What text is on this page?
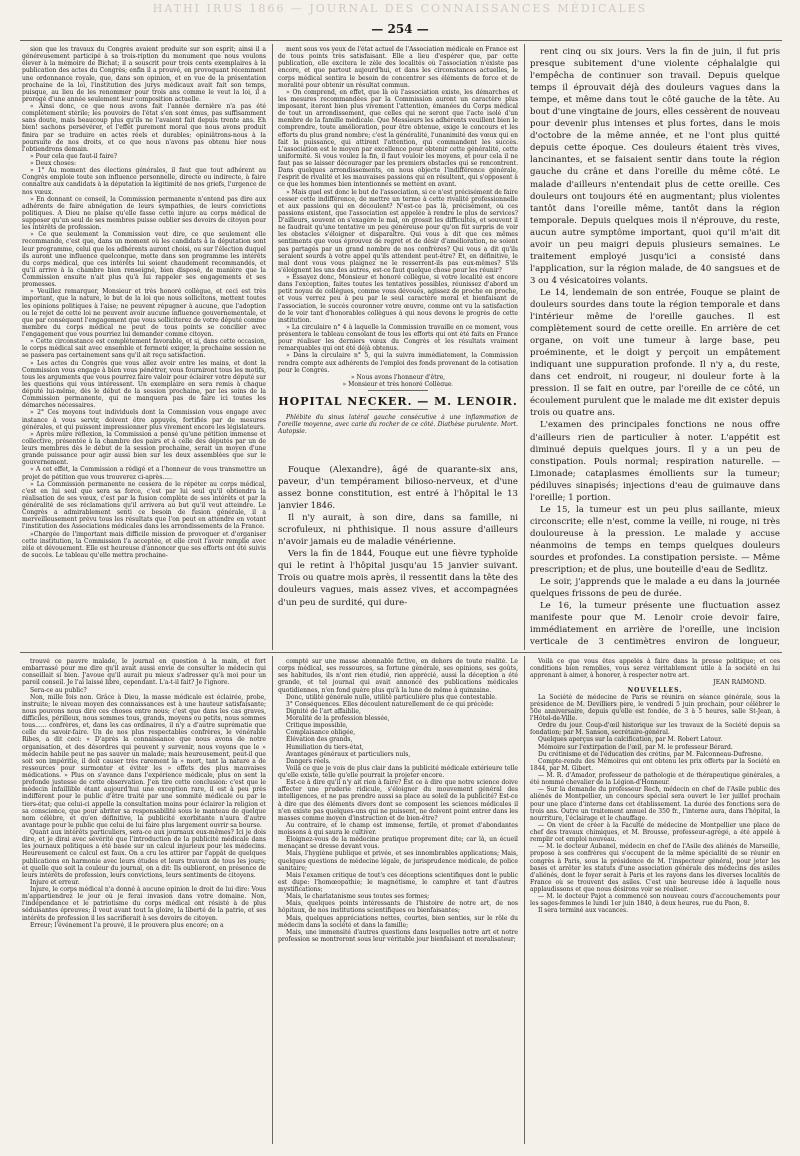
HATHI IRUS 1866 — JOURNAL DES CONNAISSANCES MÉDICALES
— 254 —

sion que les travaux du Congrès avaient produite sur son esprit; ainsi il a généreusement participé à sa trois-ription du monument que nous voulons élever à la mémoire de Bichat; il a souscrit pour trois cents exemplaires à la publication des actes du Congrès; enfin il a prouvé, en provoquant récemment une ordonnance royale, que, dans son opinion, et en vue de la présentation prochaine de la loi, l'institution des jurys médicaux avait fait son temps, puisque, au lieu de les renommer pour trois ans comme le veut la loi, il a prorogé d'une année seulement leur composition actuelle.

« Ainsi donc, ce que nous avons fait l'année dernière n'a pas été complètement stérile; les pouvoirs de l'état s'en sont émus, pas suffisamment sans doute, mais beaucoup plus qu'ils ne l'avaient fait depuis trente ans. Eh bien! sachons persévérer, et l'effet purement moral que nous avons produit finira par se traduire en actes réels et durables; opiniâtrons-nous à la poursuite de nos droits, et ce que nous n'avons pas obtenu hier nous l'obtiendrons demain.

» Pour cela que faut-il faire?

» Deux choses:

» 1° Au moment des élections générales, il faut que tout adhérent au Congrès emploie toute son influence personnelle, directe ou indirecte, à faire connaître aux candidats à la députation la légitimité de nos griefs, l'urgence de nos vœux.

» En donnant ce conseil, la Commission permanente n'entend pas dire aux adhérents de faire abnégation de leurs sympathies, de leurs convictions politiques. A Dieu ne plaise qu'elle fasse cette injure au corps médical de supposer qu'un seul de ses membres puisse oublier ses devoirs de citoyen pour les intérêts de profession.

» Ce que seulement la Commission veut dire, ce que seulement elle recommande, c'est que, dans un moment où les candidats à la députation sont leur programme, celui que les adhérents auront choisi, ou sur l'élection duquel ils auront une influence quelconque, mette dans son programme les intérêts du corps médical, que ces intérêts lui soient chaudement recommandés, et qu'il arrive à la chambre bien renseigné, bien disposé, de manière que la Commission ensuite n'ait plus qu'à lui rappeler ses engagements et ses promesses.

» Veuillez remarquer, Monsieur et très honoré collègue, et ceci est très important, que la nature, le but de la loi que nous sollicitons, mettent toutes les opinions politiques à l'aise; ne peuvent répugner à aucune, que l'adoption ou le rejet de cette loi ne peuvent avoir aucune influence gouvernementale, et que par conséquent l'engagement que vous solliciterez de votre député comme membre du corps médical ne peut de tous points se concilier avec l'engagement que vous pourriez lui demander comme citoyen.

» Cette circonstance est complètement favorable, et si, dans cette occasion, le corps médical sait avec ensemble et fermeté exiger, la prochaine session ne se passera pas certainement sans qu'il ait reçu satisfaction.

» Les actes du Congrès que vous allez avoir entre les mains, et dont la Commission vous engage à bien vous pénétrer, vous fourniront tous les motifs, tous les arguments que vous pourrez faire valoir pour éclairer votre député sur les questions qui vous intéressent. Un exemplaire en sera remis à chaque député lui-même, dès le début de la session prochaine, par les soins de la Commission permanente, qui ne manquera pas de faire ici toutes les démarches nécessaires.

» 2° Ces moyens tout individuels dont la Commission vous engage avec instance à vous servir, doivent être appuyés, fortifiés par de mesures générales, et qui puissent impressionner plus vivement encore les législateurs.

» Après mûre réflexion, la Commission a pensé qu'une pétition immense et collective, présentée à la chambre des pairs et à celle des députés par un de leurs membres dès le début de la session prochaine, serait un moyen d'une grande puissance pour agir aussi bien sur les deux assemblées que sur le gouvernement.

» A cet effet, la Commission a rédigé et a l'honneur de vous transmettre un projet de pétition que vous trouverez ci-après.....

» La Commission permanente ne cessera de le répéter au corps médical, c'est en lui seul que sera sa force, c'est par lui seul qu'il obtiendra la réalisation de ses vœux, c'est par la fusion complète de ses intérêts et par la généralité de ses réclamations qu'il arrivera au but qu'il veut atteindre. Le Congrès a admirablement senti ce besoin de fusion générale, il a merveilleusement prévu tous les résultats que l'on peut en attendre en votant l'institution des Associations médicales dans les arrondissements de la France.

»Chargée de l'important mais difficile mission de provoquer et d'organiser cette institution, la Commission l'a acceptée, et elle croit l'avoir remplie avec zèle et dévouement. Elle est heureuse d'annoncer que ses efforts ont été suivis de succès. Le tableau qu'elle mettra prochaine-

ment sous vos yeux de l'état actuel de l'Association médicale en France est de tous points très satisfaisant. Elle a lieu d'espérer que, par cette publication, elle excitera le zèle des localités où l'association n'existe pas encore, et que partout aujourd'hui, et dans les circonstances actuelles, le corps médical sentira le besoin de concentrer ses éléments de force et de moralité pour obtenir un résultat commun.

» On comprend, en effet, que là où l'association existe, les démarches et les mesures recommandées par la Commission auront un caractère plus imposant, iteront bien plus vivement l'attention, émanées du Corps médical de tout un arrondissement, que celles qui ne seront que l'acte isolé d'un membre de la famille médicale. Que Messieurs les adhérents veuillent bien le comprendre, toute amélioration, pour être obtenue, exige le concours et les efforts du plus grand nombre; c'est la généralité, l'unanimité des vœux qui en fait la puissance, qui attirent l'attention, qui commandent les succès. L'association est le moyen par excellence pour obtenir cette généralité, cette uniformité. Si vous voulez la fin, il faut vouloir les moyens, et pour cela il ne faut pas se laisser décourager par les premiers obstacles qui se rencontrent. Dans quelques arrondissements, on nous objecte l'indifférence générale, l'esprit de rivalité et les mauvaises passions qui en résultent, qui s'opposent à ce que les hommes bien intentionnés se mettent en avant.

» Mais quel est donc le but de l'association, si ce n'est précisément de faire cesser cette indifférence, de mettre un terme à cette rivalité professionnelle et aux passions qui en découlent? N'est-ce pas là, précisément, où ces passions existent, que l'association est appelée à rendre le plus de services? D'ailleurs, souvent on s'exagère le mal, on grossit les difficultés, et souvent il ne faudrait qu'une tentative un peu généreuse pour qu'on fût surpris de voir les obstacles s'éloigner et disparaître. Qui vous a dit que ces mêmes sentiments que vous éprouvez de regret et de désir d'amélioration, ne soient pas partagés par un grand nombre de nos confrères? Qui vous a dit qu'ils seraient sourds à votre appel qu'ils attendent peut-être? Et, en définitive, le mal dont vous vous plaignez ne le resserrent-ils pas eux-mêmes? S'ils s'éloignent les uns des autres, est-ce faut quelque chose pour les réunir?

» Essayez donc, Monsieur et honoré collègue, si votre localité est encore dans l'exception, faites toutes les tentatives possibles, réunissez d'abord un petit noyau de collègues, comme vous dévoués, agissez de proche en proche, et vous verrez peu à peu par le seul caractère moral et bienfaisant de l'association, le succès couronner votre œuvre, comme ont vu la satisfaction de le voir tant d'honorables collègues à qui nous devons le progrès de cette institution.

» La circulaire n° 4 à laquelle la Commission travaille en ce moment, vous présentera le tableau consolant de tous les efforts qui ont été faits en France pour réaliser les derniers vœux du Congrès et les résultats vraiment remarquables qui ont été déjà obtenus.

» Dans la circulaire n° 5, qui la suivra immédiatement, la Commission rendra compte aux adhérents de l'emploi des fonds provenant de la cotisation pour le Congrès.

» Nous avons l'honneur d'être,

» Monsieur et très honoré Collègue,

HOPITAL NECKER. — M. LENOIR.

Phlébite du sinus latéral gauche consécutive à une inflammation de l'oreille moyenne, avec carie du rocher de ce côté. Diathèse purulente. Mort. Autopsie.

Fouque (Alexandre), âgé de quarante-six ans, paveur, d'un tempérament bilioso-nerveux, et d'une assez bonne constitution, est entré à l'hôpital le 13 janvier 1846.

Il n'y aurait, à son dire, dans sa famille, ni scrofuleux, ni phthisique. Il nous assure d'ailleurs n'avoir jamais eu de maladie vénérienne.

Vers la fin de 1844, Fouque eut une fièvre typhoïde qui le retint à l'hôpital jusqu'au 15 janvier suivant. Trois ou quatre mois après, il ressentit dans la tête des douleurs vagues, mais assez vives, et accompagnées d'un peu de surdité, qui dure-

rent cinq ou six jours. Vers la fin de juin, il fut pris presque subitement d'une violente céphalalgie qui l'empêcha de continuer son travail. Depuis quelque temps il éprouvait déjà des douleurs vagues dans la tempe, et même dans tout le côté gauche de la tête. Au bout d'une vingtaine de jours, elles cessèrent de nouveau pour devenir plus intenses et plus fortes, dans le mois d'octobre de la même année, et ne l'ont plus quitté depuis cette époque. Ces douleurs étaient très vives, lancinantes, et se faisaient sentir dans toute la région gauche du crâne et dans l'oreille du même côté. Le malade d'ailleurs n'entendait plus de cette oreille. Ces douleurs ont toujours été en augmentant; plus violentes tantôt dans l'oreille même, tantôt dans la région temporale. Depuis quelques mois il n'éprouve, du reste, aucun autre symptôme important, quoi qu'il m'ait dit avoir un peu maigri depuis plusieurs semaines. Le traitement employé jusqu'ici a consisté dans l'application, sur la région malade, de 40 sangsues et de 3 ou 4 vésicatoires volants.

Le 14, lendemain de son entrée, Fouque se plaint de douleurs sourdes dans toute la région temporale et dans l'intérieur même de l'oreille gauches. Il est complètement sourd de cette oreille. En arrière de cet organe, on voit une tumeur à large base, peu proéminente, et le doigt y perçoit un empâtement indiquant une suppuration profonde. Il n'y a, du reste, dans cet endroit, ni rougeur, ni douleur forte à la pression. Il se fait en outre, par l'oreille de ce côté, un écoulement purulent que le malade me dit exister depuis trois ou quatre ans.

L'examen des principales fonctions ne nous offre d'ailleurs rien de particulier à noter. L'appétit est diminué depuis quelques jours. Il y a un peu de constipation. Pouls normal; respiration naturelle. — Limonade; cataplasmes émollients sur la tumeur; pédiluves sinapisés; injections d'eau de guimauve dans l'oreille; 1 portion.

Le 15, la tumeur est un peu plus saillante, mieux circonscrite; elle n'est, comme la veille, ni rouge, ni très douloureuse à la pression. Le malade y accuse néanmoins de temps en temps quelques douleurs sourdes et profondes. La constipation persiste. — Même prescription; et de plus, une bouteille d'eau de Sedlitz.

Le soir, j'apprends que le malade a eu dans la journée quelques frissons de peu de durée.

Le 16, la tumeur présente une fluctuation assez manifeste pour que M. Lenoir croie devoir faire, immédiatement en arrière de l'oreille, une incision verticale de 3 centimètres environ de longueur,

trouvé ce pauvre malade, le journal en question à la main, et fort embarrassé pour me dire qu'il avait aussi envie de consulter le médecin qui conseillait si bien. J'avoue qu'il aurait pu mieux s'adresser qu'à moi pour un pareil conseil. Je l'ai laissé libre, cependant. L'a-t-il fait? Je l'ignore.

Sera-ce au public?

Non, mille fois non. Grâce à Dieu, la masse médicale est éclairée, probe, instruite; le niveau moyen des connaissances est à une hauteur satisfaisante; nous pouvons nous dire ces choses entre nous; c'est que dans les cas graves, difficiles, périlleux, nous sommes tous, grands, moyens ou petits, nous sommes tous...... confrères, et, dans les cas ordinaires, il n'y a d'autre suprématie que celle du savoir-faire. Un de nos plus respectables confrères, le vénérable Ribes, a dit ceci: « D'après la connaissance que nous avons de notre organisation, et des désordres qui peuvent y survenir, nous voyons que le » médecin habile peut ne pas sauver un malade; mais heureusement, peut-il que soit son impéritie, il doit causer très rarement la » mort, tant la nature a de ressources pour surmonter et éviter les » effets des plus mauvaises médications. » Plus on s'avance dans l'expérience médicale, plus on sent la profonde justesse de cette observation. J'en tire cette conclusion: c'est que le médecin infaillible étant aujourd'hui une exception rare, il est à peu près indifférent pour le public d'être traité par une sommité médicale ou par le tiers-état; que celui-ci appelle la consultation moins pour éclairer la religion et sa conscience, que pour abriter sa responsabilité sous le manteau de quelque nom célèbre, et qu'en définitive, la publicité exorbitante n'aura d'autre avantage pour le public que celui de lui faire plus largement ouvrir sa bourse.

Quant aux intérêts particuliers, sera-ce aux journaux eux-mêmes? Ici je dois dire, et je dirai avec sévérité que l'introduction de la publicité médicale dans les journaux politiques a été basée sur un calcul injurieux pour les médecins. Heureusement ce calcul est faux. On a cru les attirer par l'appât de quelques publications en harmonie avec leurs études et leurs travaux de tous les jours; et quelle que soit la couleur du journal, on a dit: Ils oublieront, en présence de leurs intérêts de profession, leurs convictions, leurs sentiments de citoyens.

Injure et erreur.

Injure, le corps médical n'a donné à aucune opinion le droit de lui dire: Vous m'appartiendrez le jour où je ferai invasion dans votre domaine. Non, l'indépendance et le patriotisme du corps médical ont résisté à de plus séduisantes épreuves; il veut avant tout la gloire, la liberté de la patrie, et ses intérêts de profession il les sacrifierait à ses devoirs de citoyen.

Erreur; l'événement l'a prouvé, il le prouvera plus encore; on a

compté sur une masse abonnable fictive, en dehors de toute réalité. Le corps médical, ses ressources, sa fortune générale, ses opinions, ses goûts, ses habitudes, ils n'ont rien étudié, rien apprécié, aussi la déception a été grande, et tel journal qui avait annoncé des publications médicales quotidiennes, n'en fond guère plus qu'à la lune de même à quinzaine.

Donc, utilité générale nulle, utilité particulière plus que contestable.

3° Conséquences. Elles découlent naturellement de ce qui précède:

Dignité de l'art affaiblie,

Moralité de la profession blessée,

Critique impossible,

Complaisance obligée,

Élévation des grands,

Humiliation du tiers-état,

Avantages généraux et particuliers nuls,

Dangers réels.

Voilà ce que je vois de plus clair dans la publicité médicale extérieure telle qu'elle existe, telle qu'elle pourrait la projeter encore.

Est-ce à dire qu'il n'y ait rien à faire? Est ce à dire que notre science doive affecter une pruderie ridicule, s'éloigner du mouvement général des intelligences, et ne pas prendre aussi sa place au soleil de la publicité? Est-ce à dire que des éléments divers dont se composent les sciences médicales il n'en existe pas quelques-uns qui ne puissent, ne doivent point entrer dans les masses comme moyen d'instruction et de bien-être?

Au contraire, et le champ est immense, fertile, et promet d'abondantes moissons à qui saura le cultiver.

Éloignez-vous de la médecine pratique proprement dite; car là, un écueil menaçant se dresse devant vous.

Mais, l'hygiène publique et privée, et ses innombrables applications; Mais, quelques questions de médecine légale, de jurisprudence médicale, de police sanitaire;

Mais l'examen critique de tout's ces déceptions scientifiques dont le public est dupe: l'homœopathie; le magnétisme, le camphre et tant d'autres mystifications;

Mais, le charlatanisme sous toutes ses formes;

Mais, quelques points intéressants de l'histoire de notre art, de nos hôpitaux, de nos institutions scientifiques ou bienfaisantes;

Mais, quelques appréciations nettes, courtes, bien senties, sur le rôle du médecin dans la société et dans la famille;

Mais, une immensité d'autres questions dans lesquelles notre art et notre profession se montreront sous leur véritable jour bienfaisant et moralisateur;

Voilà ce que vous êtes appelés à faire dans la presse politique; et ces conditions bien remplies, vous serez véritablement utile à la société en lui apprenant à aimer, à honorer, à respecter notre art.

JEAN RAIMOND.

NOUVELLES.

La Société de médecine de Paris se réunira en séance générale, sous la présidence de M. Devilliers père, le vendredi 5 juin prochain, pour célébrer le 50e anniversaire, depuis qu'elle est fondée, de 3 à 5 heures, salle St-Jean, à l'Hôtel-de-Ville.

Ordre du jour. Coup-d'œil historique sur les travaux de la Société depuis sa fondation; par M. Sanson, secrétaire-général.

Quelques aperçus sur la calcification, par M. Robert Latour.

Mémoire sur l'extirpation de l'œil, par M. le professeur Bérard.

Du crétinisme et de l'éducation des crétins, par M. Falconneau-Dufresne.

Compte-rendu des Mémoires qui ont obtenu les prix offerts par la Société en 1844, par M. Gibert.

— M. R. d'Amador, professeur de pathologie et de thérapeutique générales, a été nommé chevalier de la Légion-d'Honneur.

— Sur la demande du professeur Rech, médecin en chef de l'Asile public des aliénés de Montpellier, un concours spécial sera ouvert le 1er juillet prochain pour une place d'interne dans cet établissement. La durée des fonctions sera de trois ans. Outre un traitement annuel de 350 fr., l'interne aura, dans l'hôpital, la nourriture, l'éclairage et le chauffage.

— On vient de créer à la Faculté de médecine de Montpellier une place de chef des travaux chimiques, et M. Brousse, professeur-agrégé, a été appelé à remplir cet emploi nouveau.

— M. le docteur Aubanel, médecin en chef de l'Asile des aliénés de Marseille, propose à ses confrères qui s'occupent de la même spécialité de se réunir en congrès à Paris, sous la présidence de M. l'inspecteur général, pour jeter les bases et arrêter les statuts d'une association générale des médecins des asiles d'aliénés, dont le foyer serait à Paris et les rayons dans les diverses localités de France où se trouvent des asiles. C'est une heureuse idée à laquelle nous applaudissons et que nous désirons voir se réaliser.

— M. le docteur Pajot a commencé son nouveau cours d'accouchements pour les sages-femmes le lundi 1er juin 1840, à deux heures, rue du Paon, 8.

Il sera terminé aux vacances.
